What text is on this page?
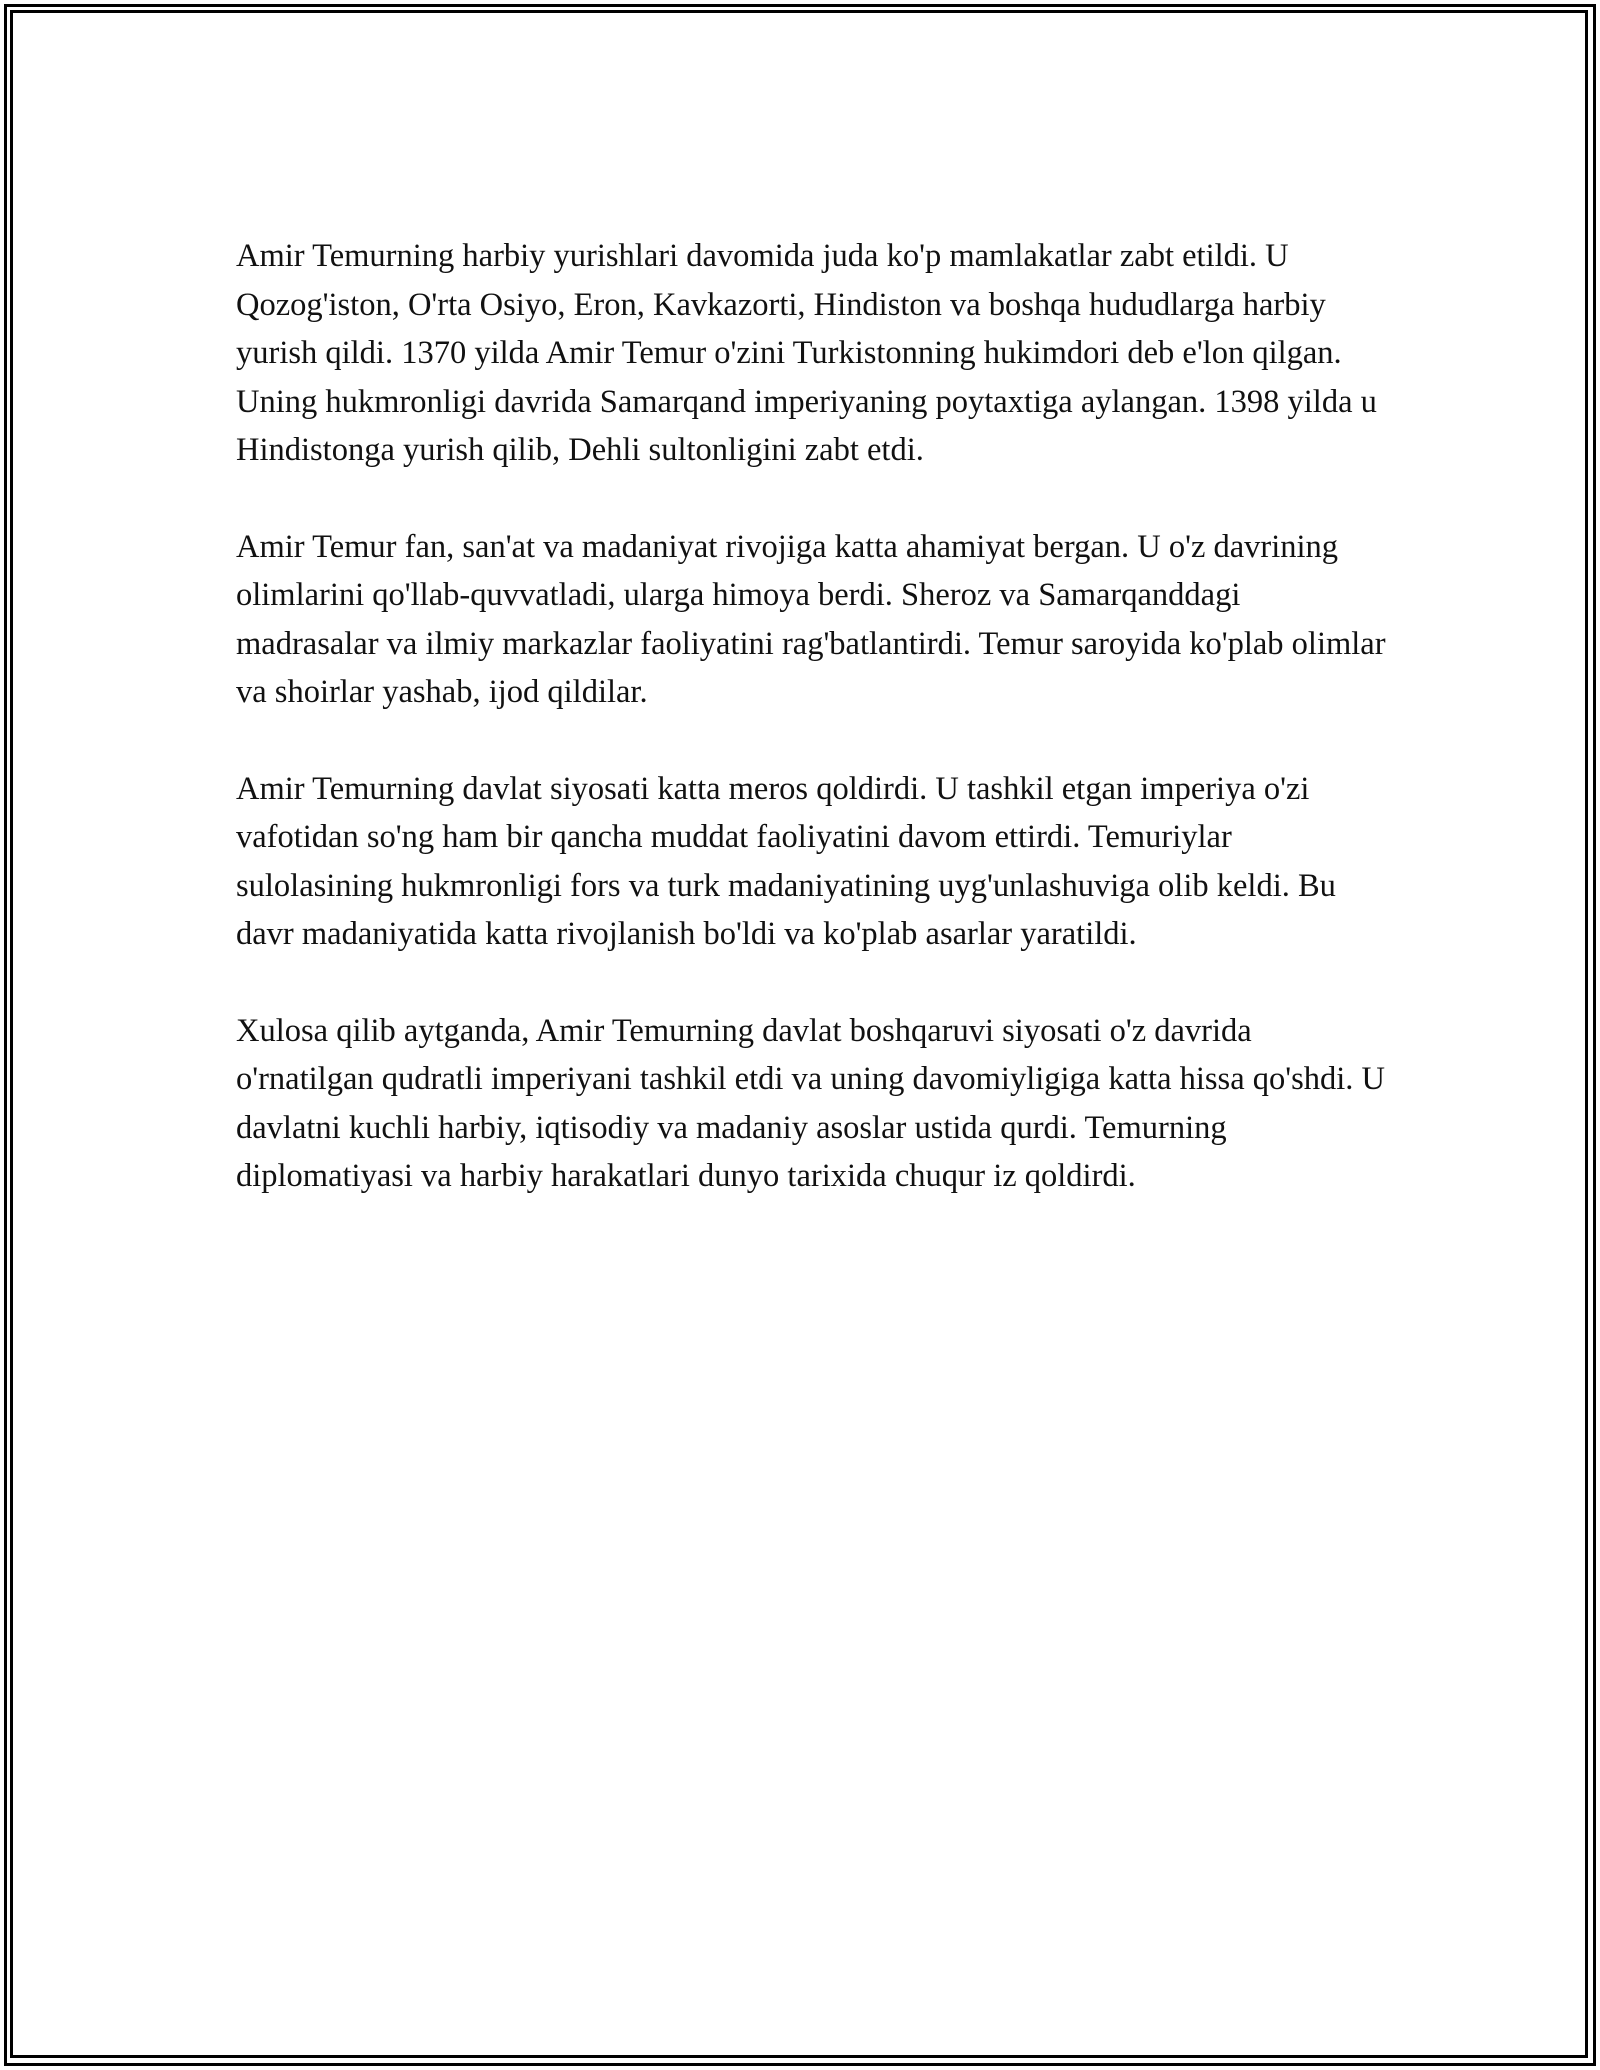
Amir Temurning harbiy yurishlari davomida juda ko'p mamlakatlar zabt etildi. U Qozog'iston, O'rta Osiyo, Eron, Kavkazorti, Hindiston va boshqa hududlarga harbiy yurish qildi. 1370 yilda Amir Temur o'zini Turkistonning hukimdori deb e'lon qilgan. Uning hukmronligi davrida Samarqand imperiyaning poytaxtiga aylangan. 1398 yilda u Hindistonga yurish qilib, Dehli sultonligini zabt etdi.

Amir Temur fan, san'at va madaniyat rivojiga katta ahamiyat bergan. U o'z davrining olimlarini qo'llab-quvvatladi, ularga himoya berdi. Sheroz va Samarqanddagi madrasalar va ilmiy markazlar faoliyatini rag'batlantirdi. Temur saroyida ko'plab olimlar va shoirlar yashab, ijod qildilar.

Amir Temurning davlat siyosati katta meros qoldirdi. U tashkil etgan imperiya o'zi vafotidan so'ng ham bir qancha muddat faoliyatini davom ettirdi. Temuriylar sulolasining hukmronligi fors va turk madaniyatining uyg'unlashuviga olib keldi. Bu davr madaniyatida katta rivojlanish bo'ldi va ko'plab asarlar yaratildi.

Xulosa qilib aytganda, Amir Temurning davlat boshqaruvi siyosati o'z davrida o'rnatilgan qudratli imperiyani tashkil etdi va uning davomiyligiga katta hissa qo'shdi. U davlatni kuchli harbiy, iqtisodiy va madaniy asoslar ustida qurdi. Temurning diplomatiyasi va harbiy harakatlari dunyo tarixida chuqur iz qoldirdi.
